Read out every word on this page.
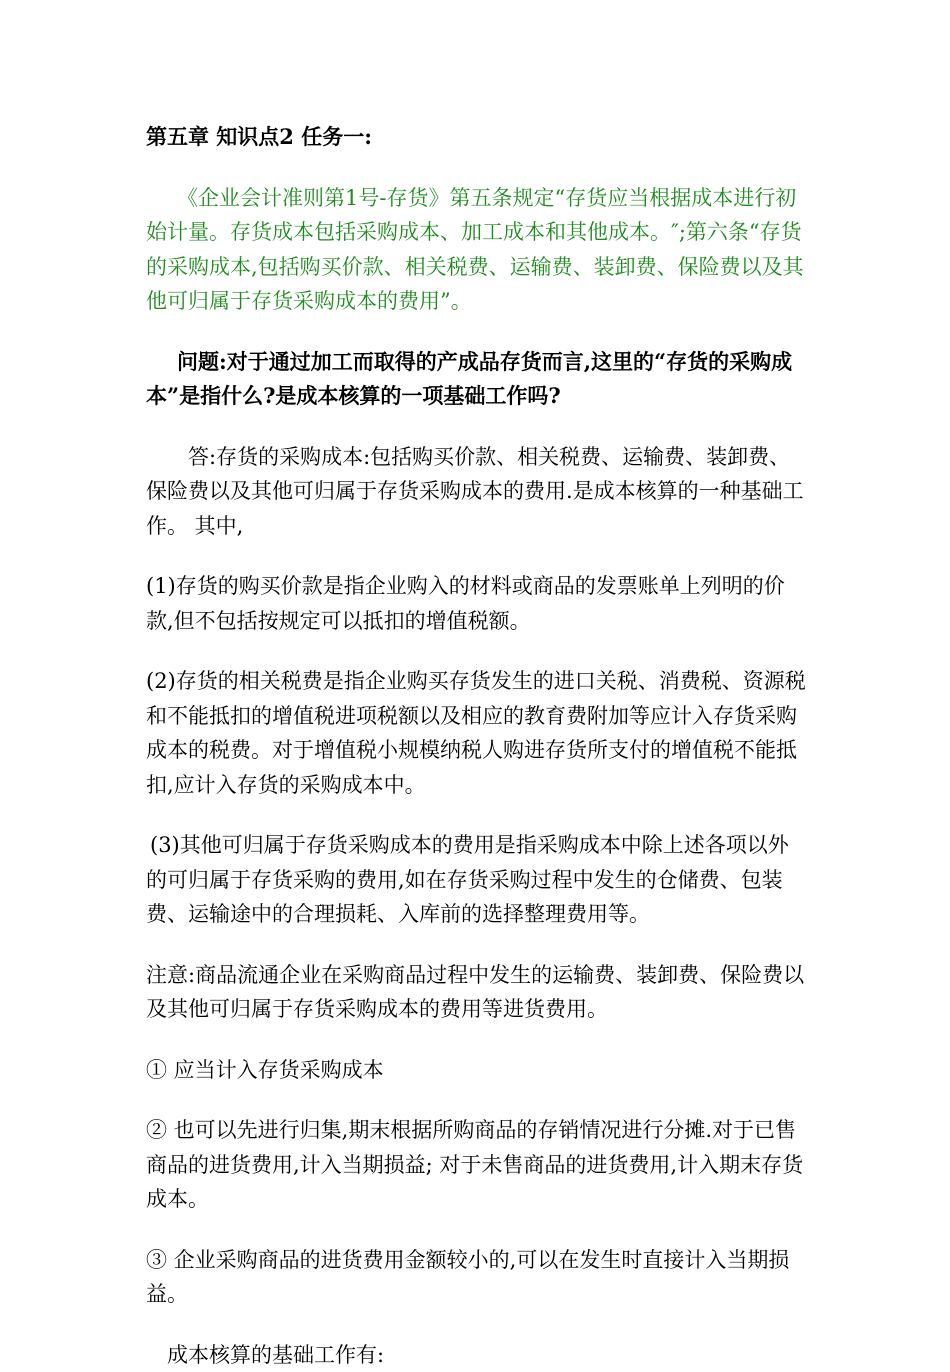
第五章 知识点2 任务一:

《企业会计准则第1号-存货》第五条规定“存货应当根据成本进行初始计量。存货成本包括采购成本、加工成本和其他成本。″;第六条“存货的采购成本,包括购买价款、相关税费、运输费、装卸费、保险费以及其他可归属于存货采购成本的费用”。

问题:对于通过加工而取得的产成品存货而言,这里的“存货的采购成本”是指什么?是成本核算的一项基础工作吗?

答:存货的采购成本:包括购买价款、相关税费、运输费、装卸费、保险费以及其他可归属于存货采购成本的费用.是成本核算的一种基础工作。 其中,

(1)存货的购买价款是指企业购入的材料或商品的发票账单上列明的价款,但不包括按规定可以抵扣的增值税额。

(2)存货的相关税费是指企业购买存货发生的进口关税、消费税、资源税和不能抵扣的增值税进项税额以及相应的教育费附加等应计入存货采购成本的税费。对于增值税小规模纳税人购进存货所支付的增值税不能抵扣,应计入存货的采购成本中。

(3)其他可归属于存货采购成本的费用是指采购成本中除上述各项以外的可归属于存货采购的费用,如在存货采购过程中发生的仓储费、包装费、运输途中的合理损耗、入库前的选择整理费用等。

注意:商品流通企业在采购商品过程中发生的运输费、装卸费、保险费以及其他可归属于存货采购成本的费用等进货费用。

① 应当计入存货采购成本

② 也可以先进行归集,期末根据所购商品的存销情况进行分摊.对于已售商品的进货费用,计入当期损益; 对于未售商品的进货费用,计入期末存货成本。

③ 企业采购商品的进货费用金额较小的,可以在发生时直接计入当期损益。

成本核算的基础工作有:
